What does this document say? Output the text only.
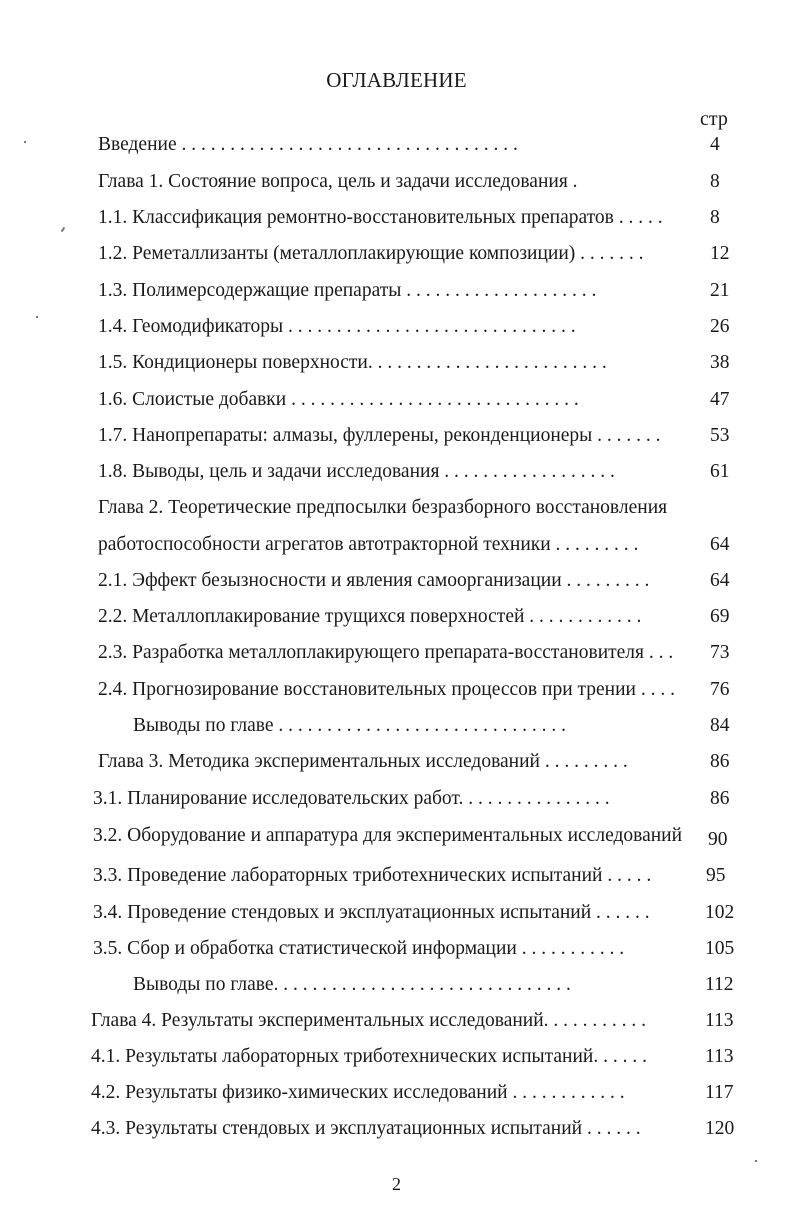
ОГЛАВЛЕНИЕ
стр
Введение . . . . . . . . . . . . . . . . . . . . . . . . . . . . . . . . . . .	4
Глава 1. Состояние вопроса, цель и задачи исследования .	8
1.1. Классификация ремонтно-восстановительных препаратов . . . . . 8
1.2. Реметаллизанты (металлоплакирующие композиции) . . . . . . .	12
1.3. Полимерсодержащие препараты . . . . . . . . . . . . . . . . . . . .	21
1.4. Геомодификаторы . . . . . . . . . . . . . . . . . . . . . . . . . . . . . .	26
1.5. Кондиционеры поверхности. . . . . . . . . . . . . . . . . . . . . . . . .	38
1.6. Слоистые добавки . . . . . . . . . . . . . . . . . . . . . . . . . . . . . .	47
1.7. Нанопрепараты: алмазы, фуллерены, реконденционеры . . . . . . .	53
1.8. Выводы, цель и задачи исследования . . . . . . . . . . . . . . . . . .	61
Глава 2. Теоретические предпосылки безразборного восстановления
работоспособности агрегатов автотракторной техники . . . . . . . . .	64
2.1. Эффект безызносности и явления самоорганизации . . . . . . . . .	64
2.2. Металлоплакирование трущихся поверхностей . . . . . . . . . . . .	69
2.3. Разработка металлоплакирующего препарата-восстановителя . . . 73
2.4. Прогнозирование восстановительных процессов при трении . . . . 76
Выводы по главе . . . . . . . . . . . . . . . . . . . . . . . . . . . . . .	84
Глава 3. Методика экспериментальных исследований . . . . . . . . .	86
3.1. Планирование исследовательских работ. . . . . . . . . . . . . . . .	86
3.2. Оборудование и аппаратура для экспериментальных исследований 90
3.3. Проведение лабораторных триботехнических испытаний . . . . .	95
3.4. Проведение стендовых и эксплуатационных испытаний . . . . . .	102
3.5. Сбор и обработка статистической информации . . . . . . . . . . .	105
Выводы по главе. . . . . . . . . . . . . . . . . . . . . . . . . . . . . . .	112
Глава 4. Результаты экспериментальных исследований. . . . . . . . . . .	113
4.1. Результаты лабораторных триботехнических испытаний. . . . . .	113
4.2. Результаты физико-химических исследований . . . . . . . . . . . .	117
4.3. Результаты стендовых и эксплуатационных испытаний . . . . . .	120
2
